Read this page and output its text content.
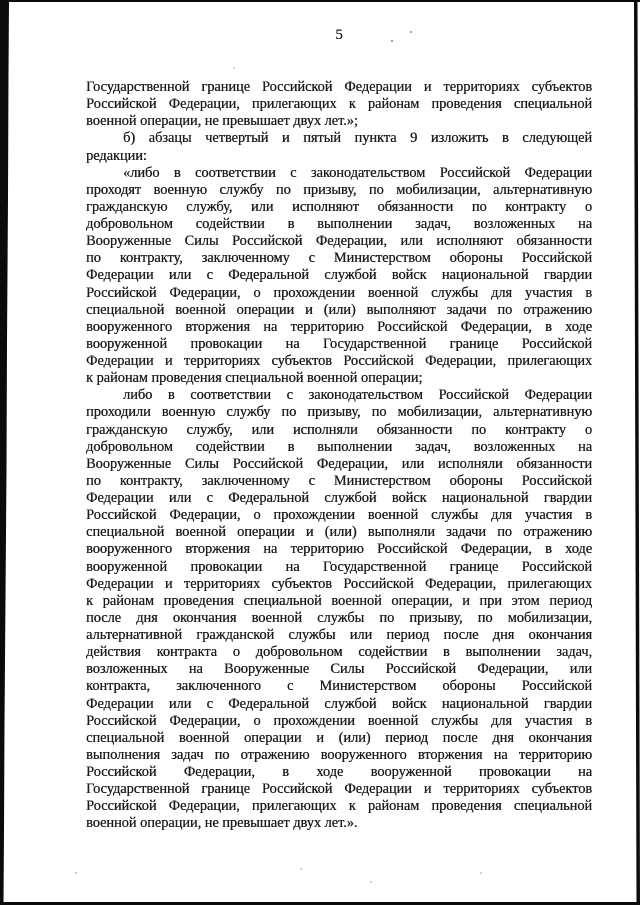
5
Государственной границе Российской Федерации и территориях субъектов
Российской Федерации, прилегающих к районам проведения специальной
военной операции, не превышает двух лет.»;
б) абзацы четвертый и пятый пункта 9 изложить в следующей
редакции:
«либо в соответствии с законодательством Российской Федерации
проходят военную службу по призыву, по мобилизации, альтернативную
гражданскую службу, или исполняют обязанности по контракту о
добровольном содействии в выполнении задач, возложенных на
Вооруженные Силы Российской Федерации, или исполняют обязанности
по контракту, заключенному с Министерством обороны Российской
Федерации или с Федеральной службой войск национальной гвардии
Российской Федерации, о прохождении военной службы для участия в
специальной военной операции и (или) выполняют задачи по отражению
вооруженного вторжения на территорию Российской Федерации, в ходе
вооруженной провокации на Государственной границе Российской
Федерации и территориях субъектов Российской Федерации, прилегающих
к районам проведения специальной военной операции;
либо в соответствии с законодательством Российской Федерации
проходили военную службу по призыву, по мобилизации, альтернативную
гражданскую службу, или исполняли обязанности по контракту о
добровольном содействии в выполнении задач, возложенных на
Вооруженные Силы Российской Федерации, или исполняли обязанности
по контракту, заключенному с Министерством обороны Российской
Федерации или с Федеральной службой войск национальной гвардии
Российской Федерации, о прохождении военной службы для участия в
специальной военной операции и (или) выполняли задачи по отражению
вооруженного вторжения на территорию Российской Федерации, в ходе
вооруженной провокации на Государственной границе Российской
Федерации и территориях субъектов Российской Федерации, прилегающих
к районам проведения специальной военной операции, и при этом период
после дня окончания военной службы по призыву, по мобилизации,
альтернативной гражданской службы или период после дня окончания
действия контракта о добровольном содействии в выполнении задач,
возложенных на Вооруженные Силы Российской Федерации, или
контракта, заключенного с Министерством обороны Российской
Федерации или с Федеральной службой войск национальной гвардии
Российской Федерации, о прохождении военной службы для участия в
специальной военной операции и (или) период после дня окончания
выполнения задач по отражению вооруженного вторжения на территорию
Российской Федерации, в ходе вооруженной провокации на
Государственной границе Российской Федерации и территориях субъектов
Российской Федерации, прилегающих к районам проведения специальной
военной операции, не превышает двух лет.».
